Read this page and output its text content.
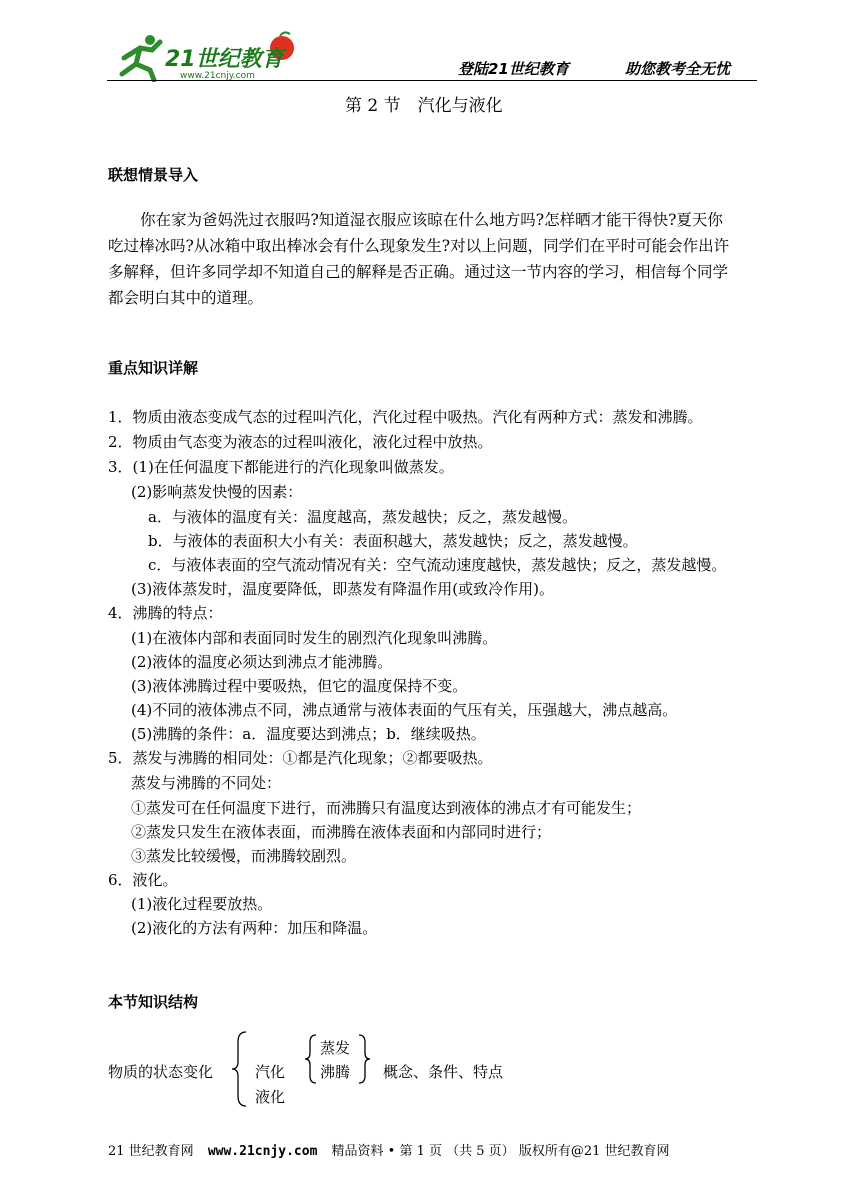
21世纪教育
www.21cnjy.com	登陆21世纪教育	助您教考全无忧
第 2 节　汽化与液化
联想情景导入
你在家为爸妈洗过衣服吗?知道湿衣服应该晾在什么地方吗?怎样晒才能干得快?夏天你
吃过棒冰吗?从冰箱中取出棒冰会有什么现象发生?对以上问题，同学们在平时可能会作出许
多解释，但许多同学却不知道自己的解释是否正确。通过这一节内容的学习，相信每个同学
都会明白其中的道理。
重点知识详解
1．物质由液态变成气态的过程叫汽化，汽化过程中吸热。汽化有两种方式：蒸发和沸腾。
2．物质由气态变为液态的过程叫液化，液化过程中放热。
3．(1)在任何温度下都能进行的汽化现象叫做蒸发。
(2)影响蒸发快慢的因素：
a．与液体的温度有关：温度越高，蒸发越快；反之，蒸发越慢。
b．与液体的表面积大小有关：表面积越大，蒸发越快；反之，蒸发越慢。
c．与液体表面的空气流动情况有关：空气流动速度越快，蒸发越快；反之，蒸发越慢。
(3)液体蒸发时，温度要降低，即蒸发有降温作用(或致冷作用)。
4．沸腾的特点：
(1)在液体内部和表面同时发生的剧烈汽化现象叫沸腾。
(2)液体的温度必须达到沸点才能沸腾。
(3)液体沸腾过程中要吸热，但它的温度保持不变。
(4)不同的液体沸点不同，沸点通常与液体表面的气压有关，压强越大，沸点越高。
(5)沸腾的条件：a．温度要达到沸点；b．继续吸热。
5．蒸发与沸腾的相同处：①都是汽化现象；②都要吸热。
蒸发与沸腾的不同处：
①蒸发可在任何温度下进行，而沸腾只有温度达到液体的沸点才有可能发生；
②蒸发只发生在液体表面，而沸腾在液体表面和内部同时进行；
③蒸发比较缓慢，而沸腾较剧烈。
6．液化。
(1)液化过程要放热。
(2)液化的方法有两种：加压和降温。
本节知识结构
物质的状态变化	汽化
液化
蒸发
沸腾 概念、条件、特点
21 世纪教育网 www.21cnjy.com 精品资料 • 第 1 页 （共 5 页） 版权所有@21 世纪教育网
